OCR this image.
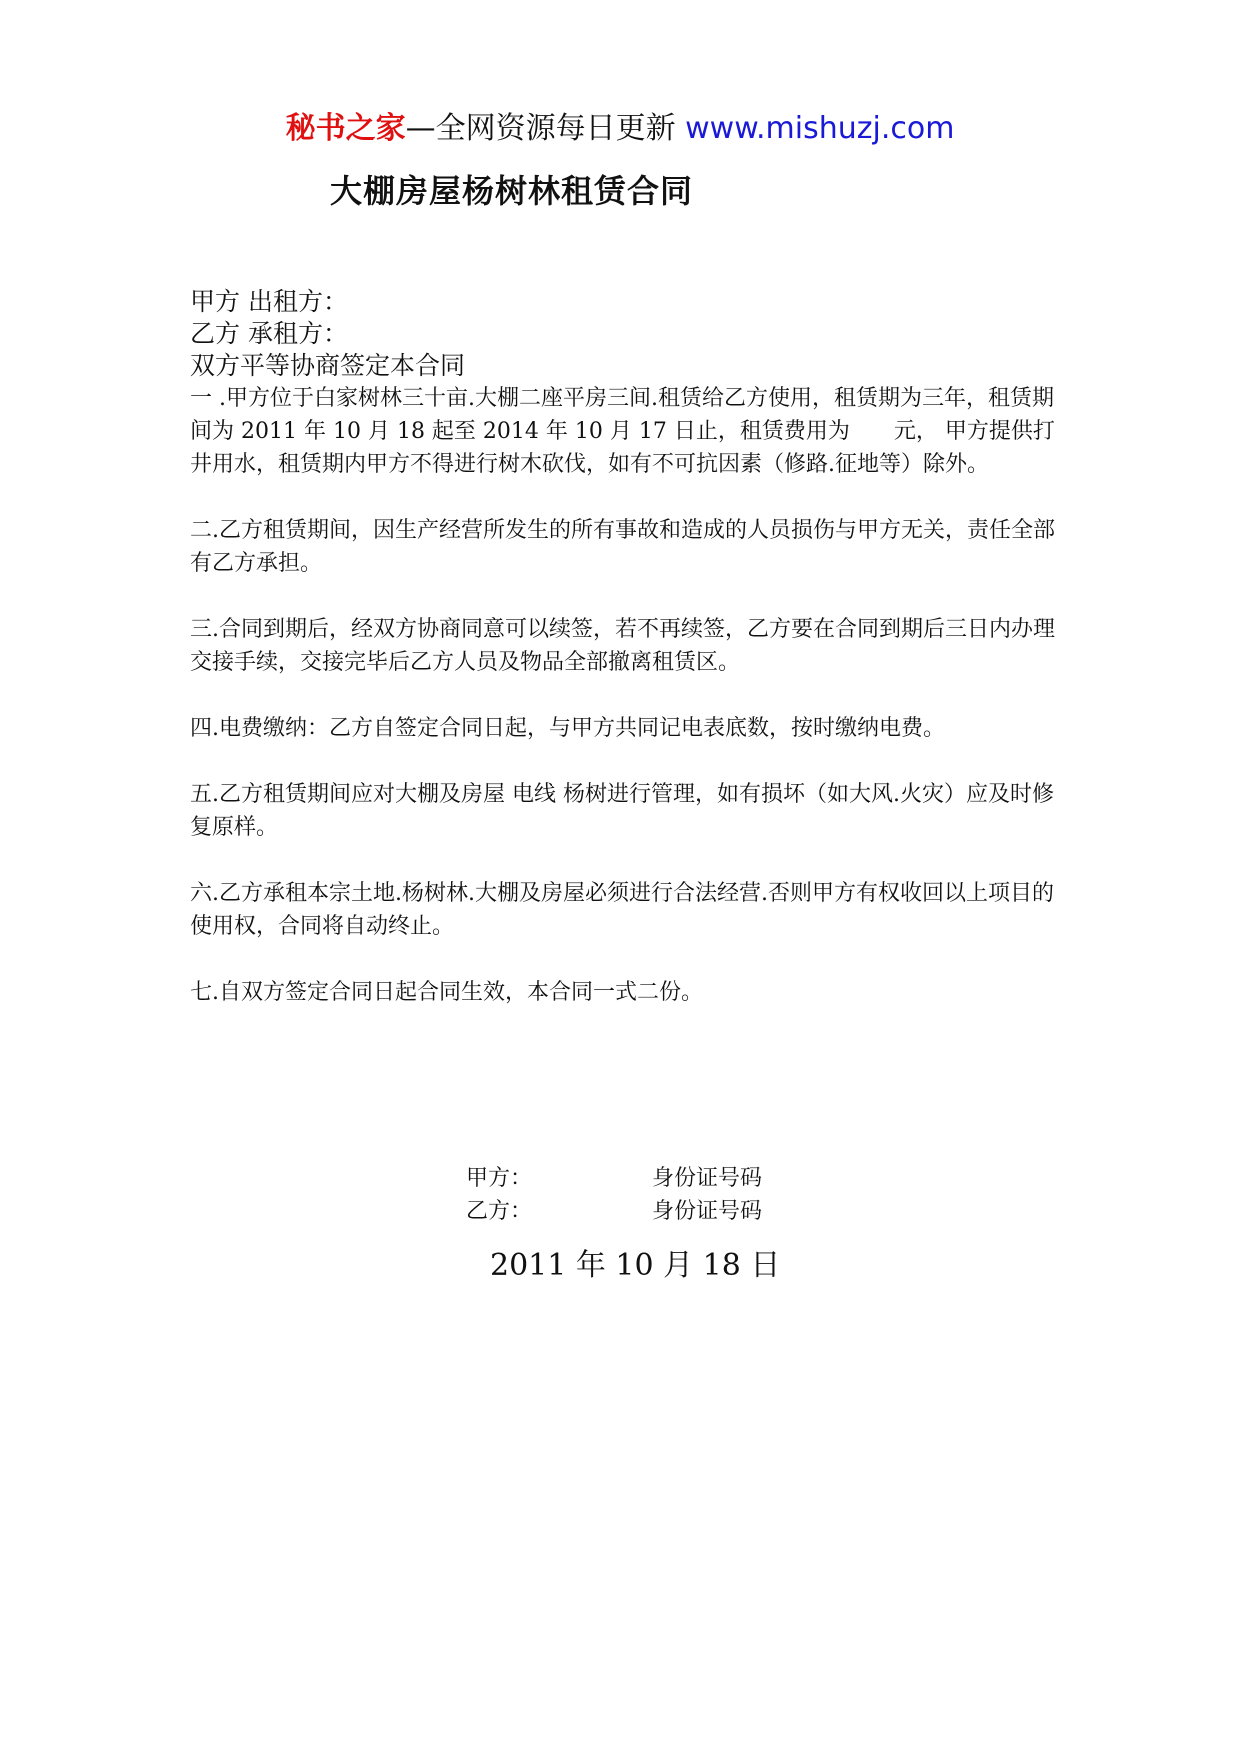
秘书之家—全网资源每日更新 www.mishuzj.com
大棚房屋杨树林租赁合同
甲方 出租方：
乙方 承租方：
双方平等协商签定本合同

一 .甲方位于白家树林三十亩.大棚二座平房三间.租赁给乙方使用，租赁期为三年，租赁期间为 2011 年 10 月 18 起至 2014 年 10 月 17 日止，租赁费用为　　元， 甲方提供打井用水，租赁期内甲方不得进行树木砍伐，如有不可抗因素（修路.征地等）除外。

二.乙方租赁期间，因生产经营所发生的所有事故和造成的人员损伤与甲方无关，责任全部有乙方承担。

三.合同到期后，经双方协商同意可以续签，若不再续签，乙方要在合同到期后三日内办理交接手续，交接完毕后乙方人员及物品全部撤离租赁区。

四.电费缴纳：乙方自签定合同日起，与甲方共同记电表底数，按时缴纳电费。

五.乙方租赁期间应对大棚及房屋 电线 杨树进行管理，如有损坏（如大风.火灾）应及时修复原样。

六.乙方承租本宗土地.杨树林.大棚及房屋必须进行合法经营.否则甲方有权收回以上项目的使用权，合同将自动终止。

七.自双方签定合同日起合同生效，本合同一式二份。

甲方：	身份证号码
乙方：	身份证号码
2011 年 10 月 18 日
